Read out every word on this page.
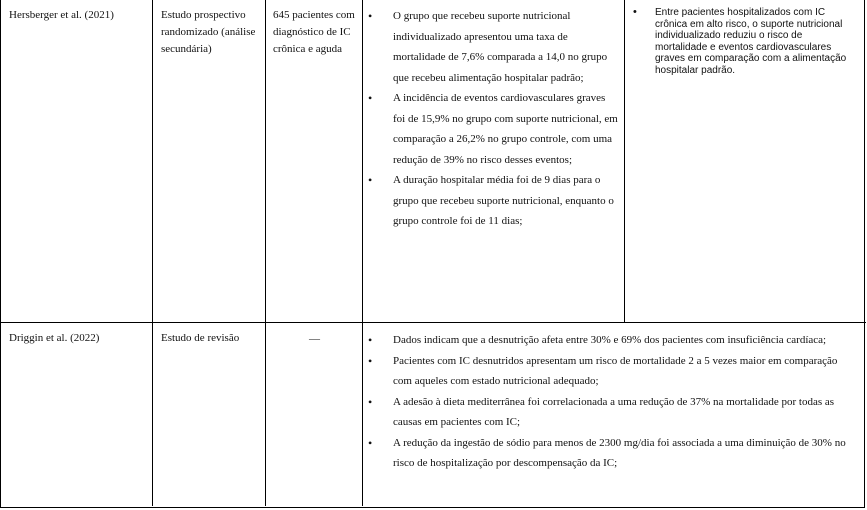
Hersberger et al. (2021)	Estudo prospectivo randomizado (análise secundária)
645 pacientes com diagnóstico de IC crônica e aguda
• O grupo que recebeu suporte nutricional individualizado apresentou uma taxa de mortalidade de 7,6% comparada a 14,0 no grupo que recebeu alimentação hospitalar padrão;
• A incidência de eventos cardiovasculares graves foi de 15,9% no grupo com suporte nutricional, em comparação a 26,2% no grupo controle, com uma redução de 39% no risco desses eventos;
• A duração hospitalar média foi de 9 dias para o grupo que recebeu suporte nutricional, enquanto o grupo controle foi de 11 dias;
• Entre pacientes hospitalizados com IC crônica em alto risco, o suporte nutricional individualizado reduziu o risco de mortalidade e eventos cardiovasculares graves em comparação com a alimentação hospitalar padrão.
Driggin et al. (2022)	Estudo de revisão	—
•	Dados indicam que a desnutrição afeta entre 30% e 69% dos pacientes com insuficiência cardíaca;
• Pacientes com IC desnutridos apresentam um risco de mortalidade 2 a 5 vezes maior em comparação com aqueles com estado nutricional adequado;
• A adesão à dieta mediterrânea foi correlacionada a uma redução de 37% na mortalidade por todas as causas em pacientes com IC;
• A redução da ingestão de sódio para menos de 2300 mg/dia foi associada a uma diminuição de 30% no risco de hospitalização por descompensação da IC;
